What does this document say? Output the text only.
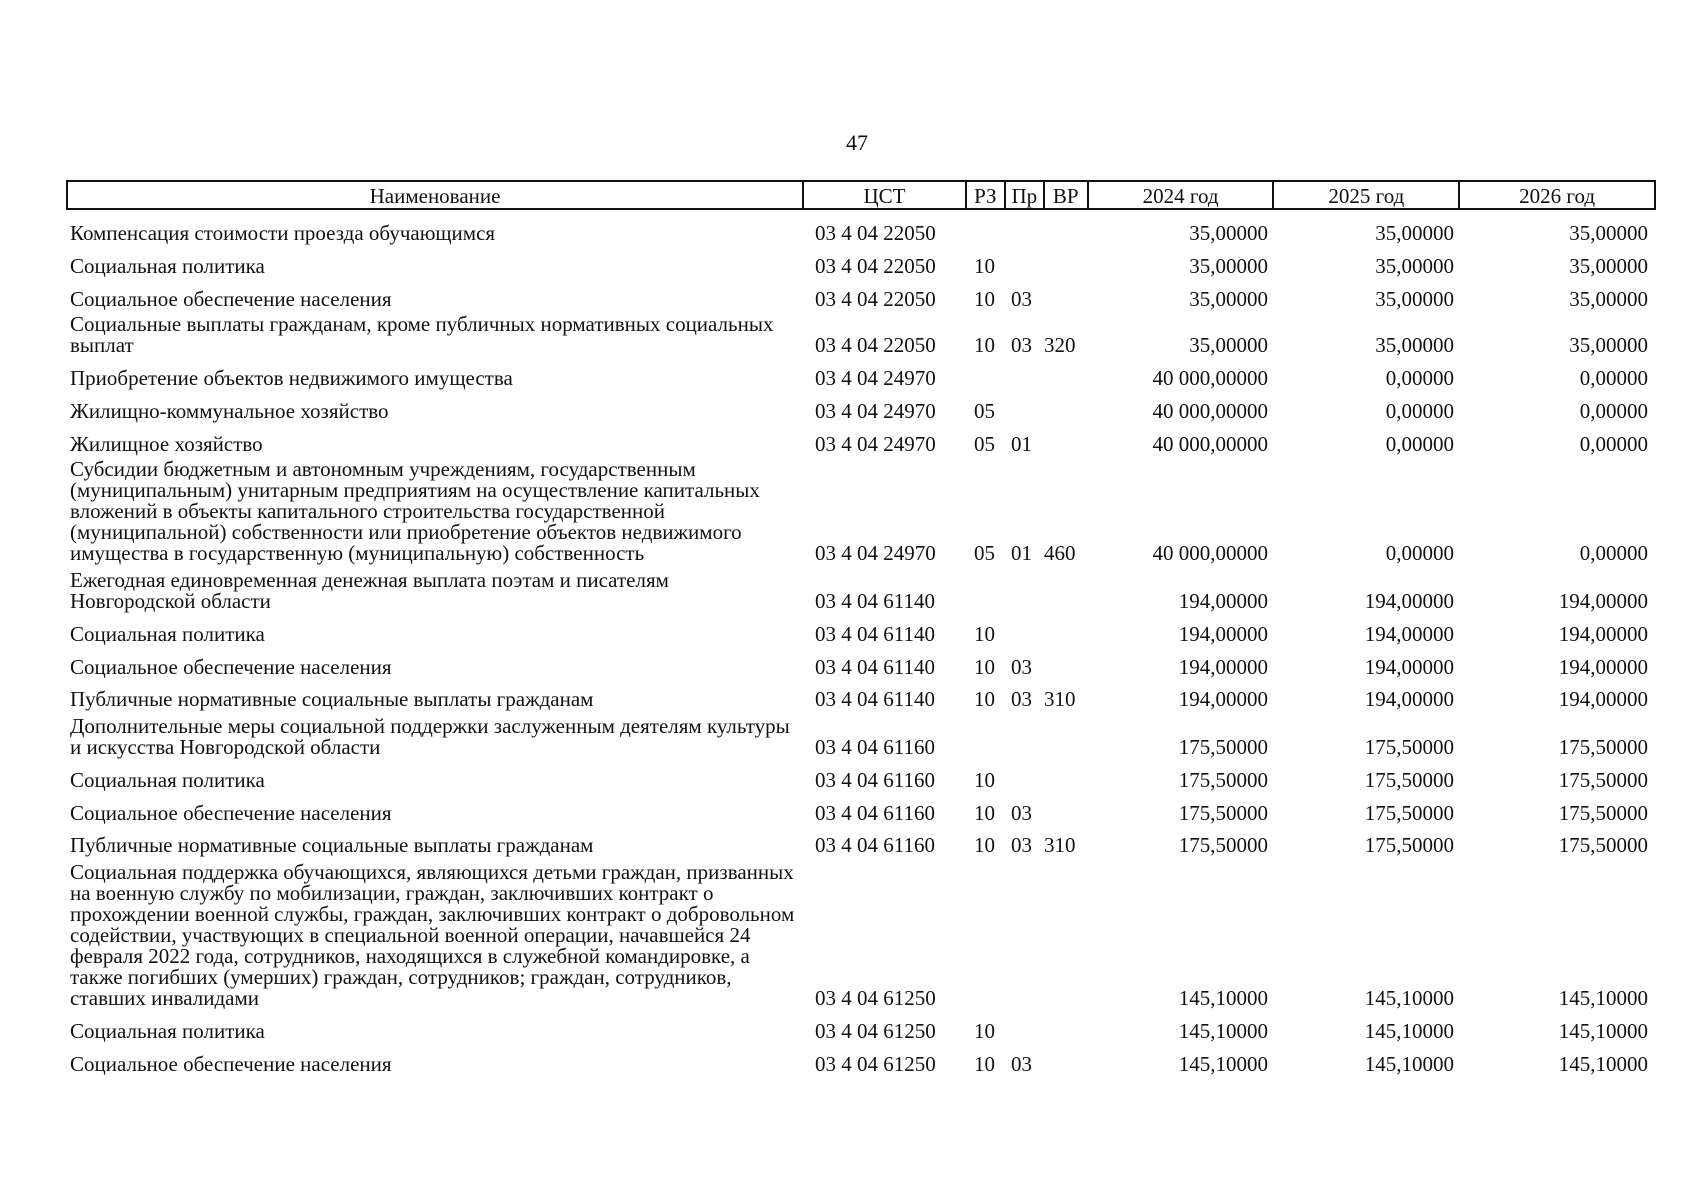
47
Наименование	ЦСТ	РЗ Пр ВР	2024 год	2025 год	2026 год
Компенсация стоимости проезда обучающимся	03 4 04 22050	35,00000	35,00000	35,00000
Социальная политика	03 4 04 22050	10	35,00000	35,00000	35,00000
Социальное обеспечение населения	03 4 04 22050	10 03	35,00000	35,00000	35,00000
Социальные выплаты гражданам, кроме публичных нормативных социальных выплат	03 4 04 22050	10 03 320	35,00000	35,00000	35,00000
Приобретение объектов недвижимого имущества	03 4 04 24970	40 000,00000	0,00000	0,00000
Жилищно-коммунальное хозяйство	03 4 04 24970	05	40 000,00000	0,00000	0,00000
Жилищное хозяйство	03 4 04 24970	05 01	40 000,00000	0,00000	0,00000
Субсидии бюджетным и автономным учреждениям, государственным (муниципальным) унитарным предприятиям на осуществление капитальных вложений в объекты капитального строительства государственной (муниципальной) собственности или приобретение объектов недвижимого имущества в государственную (муниципальную) собственность	03 4 04 24970	05 01 460	40 000,00000	0,00000	0,00000
Ежегодная единовременная денежная выплата поэтам и писателям Новгородской области	03 4 04 61140	194,00000	194,00000	194,00000
Социальная политика	03 4 04 61140	10	194,00000	194,00000	194,00000
Социальное обеспечение населения	03 4 04 61140	10 03	194,00000	194,00000	194,00000
Публичные нормативные социальные выплаты гражданам	03 4 04 61140	10 03 310	194,00000	194,00000	194,00000
Дополнительные меры социальной поддержки заслуженным деятелям культуры и искусства Новгородской области	03 4 04 61160	175,50000	175,50000	175,50000
Социальная политика	03 4 04 61160	10	175,50000	175,50000	175,50000
Социальное обеспечение населения	03 4 04 61160	10 03	175,50000	175,50000	175,50000
Публичные нормативные социальные выплаты гражданам	03 4 04 61160	10 03 310	175,50000	175,50000	175,50000
Социальная поддержка обучающихся, являющихся детьми граждан, призванных на военную службу по мобилизации, граждан, заключивших контракт о прохождении военной службы, граждан, заключивших контракт о добровольном содействии, участвующих в специальной военной операции, начавшейся 24 февраля 2022 года, сотрудников, находящихся в служебной командировке, а также погибших (умерших) граждан, сотрудников; граждан, сотрудников, ставших инвалидами	03 4 04 61250	145,10000	145,10000	145,10000
Социальная политика	03 4 04 61250	10	145,10000	145,10000	145,10000
Социальное обеспечение населения	03 4 04 61250	10 03	145,10000	145,10000	145,10000
